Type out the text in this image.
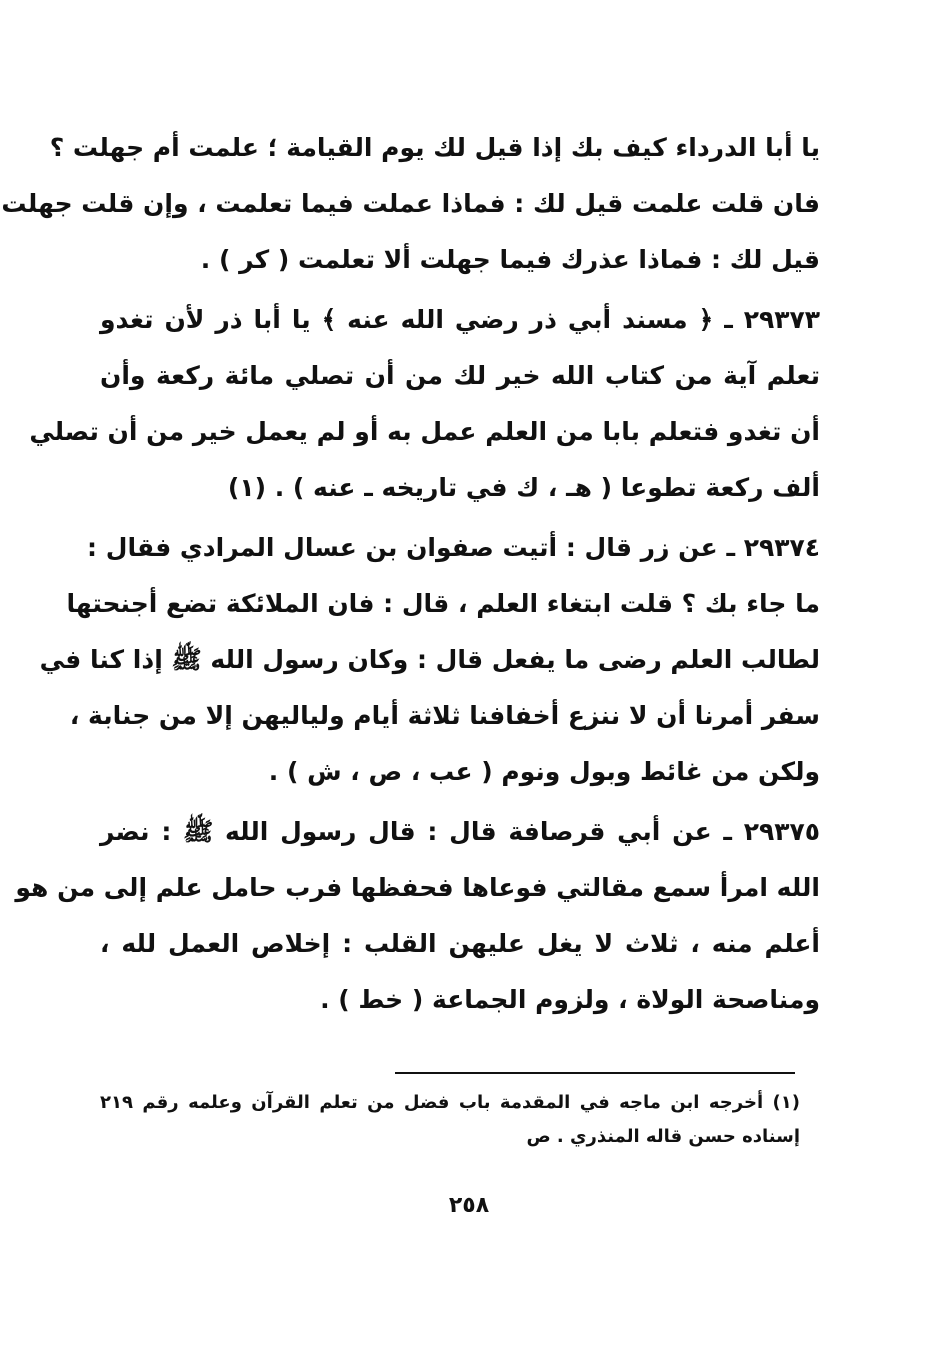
يا أبا الدرداء كيف بك إذا قيل لك يوم القيامة ؛ علمت أم جهلت ؟
فان قلت علمت قيل لك : فماذا عملت فيما تعلمت ، وإن قلت جهلت
قيل لك : فماذا عذرك فيما جهلت ألا تعلمت ( كر ) .
٢٩٣٧٣ ـ ﴿ مسند أبي ذر رضي الله عنه ﴾ يا أبا ذر لأن تغدو
تعلم آية من كتاب الله خير لك من أن تصلي مائة ركعة وأن
أن تغدو فتعلم بابا من العلم عمل به أو لم يعمل خير من أن تصلي
ألف ركعة تطوعا ( هـ ، ك في تاريخه ـ عنه ) . (١)
٢٩٣٧٤ ـ عن زر قال : أتيت صفوان بن عسال المرادي فقال :
ما جاء بك ؟ قلت ابتغاء العلم ، قال : فان الملائكة تضع أجنحتها
لطالب العلم رضى ما يفعل قال : وكان رسول الله ﷺ إذا كنا في
سفر أمرنا أن لا ننزع أخفافنا ثلاثة أيام ولياليهن إلا من جنابة ،
ولكن من غائط وبول ونوم ( عب ، ص ، ش ) .
٢٩٣٧٥ ـ عن أبي قرصافة قال : قال رسول الله ﷺ : نضر
الله امرأ سمع مقالتي فوعاها فحفظها فرب حامل علم إلى من هو
أعلم منه ، ثلاث لا يغل عليهن القلب : إخلاص العمل لله ،
ومناصحة الولاة ، ولزوم الجماعة ( خط ) .
(١) أخرجه ابن ماجه في المقدمة باب فضل من تعلم القرآن وعلمه رقم ٢١٩
إسناده حسن قاله المنذري . ص
٢٥٨
